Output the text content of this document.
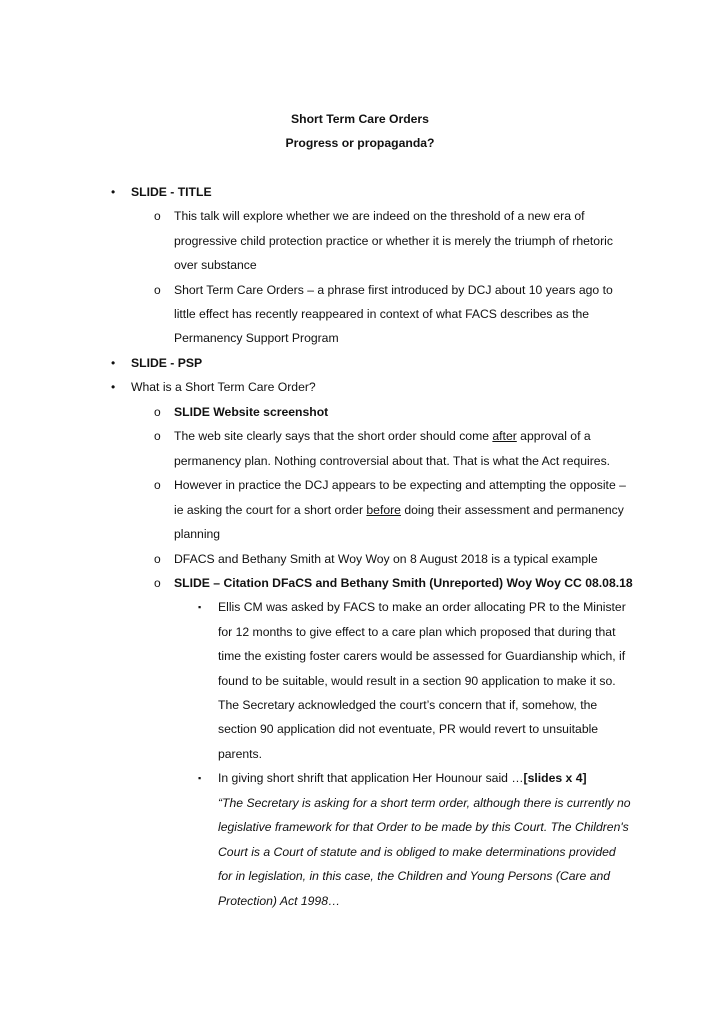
Short Term Care Orders
Progress or propaganda?
• SLIDE - TITLE
o This talk will explore whether we are indeed on the threshold of a new era of
progressive child protection practice or whether it is merely the triumph of rhetoric
over substance
o Short Term Care Orders – a phrase first introduced by DCJ about 10 years ago to
little effect has recently reappeared in context of what FACS describes as the
Permanency Support Program
• SLIDE - PSP
• What is a Short Term Care Order?
o SLIDE Website screenshot
o The web site clearly says that the short order should come after approval of a
permanency plan. Nothing controversial about that. That is what the Act requires.
o However in practice the DCJ appears to be expecting and attempting the opposite –
ie asking the court for a short order before doing their assessment and permanency
planning
o DFACS and Bethany Smith at Woy Woy on 8 August 2018 is a typical example
o SLIDE – Citation DFaCS and Bethany Smith (Unreported) Woy Woy CC 08.08.18
▪ Ellis CM was asked by FACS to make an order allocating PR to the Minister
for 12 months to give effect to a care plan which proposed that during that
time the existing foster carers would be assessed for Guardianship which, if
found to be suitable, would result in a section 90 application to make it so.
The Secretary acknowledged the court’s concern that if, somehow, the
section 90 application did not eventuate, PR would revert to unsuitable
parents.
▪ In giving short shrift that application Her Hounour said …[slides x 4]
“The Secretary is asking for a short term order, although there is currently no
legislative framework for that Order to be made by this Court. The Children's
Court is a Court of statute and is obliged to make determinations provided
for in legislation, in this case, the Children and Young Persons (Care and
Protection) Act 1998…
